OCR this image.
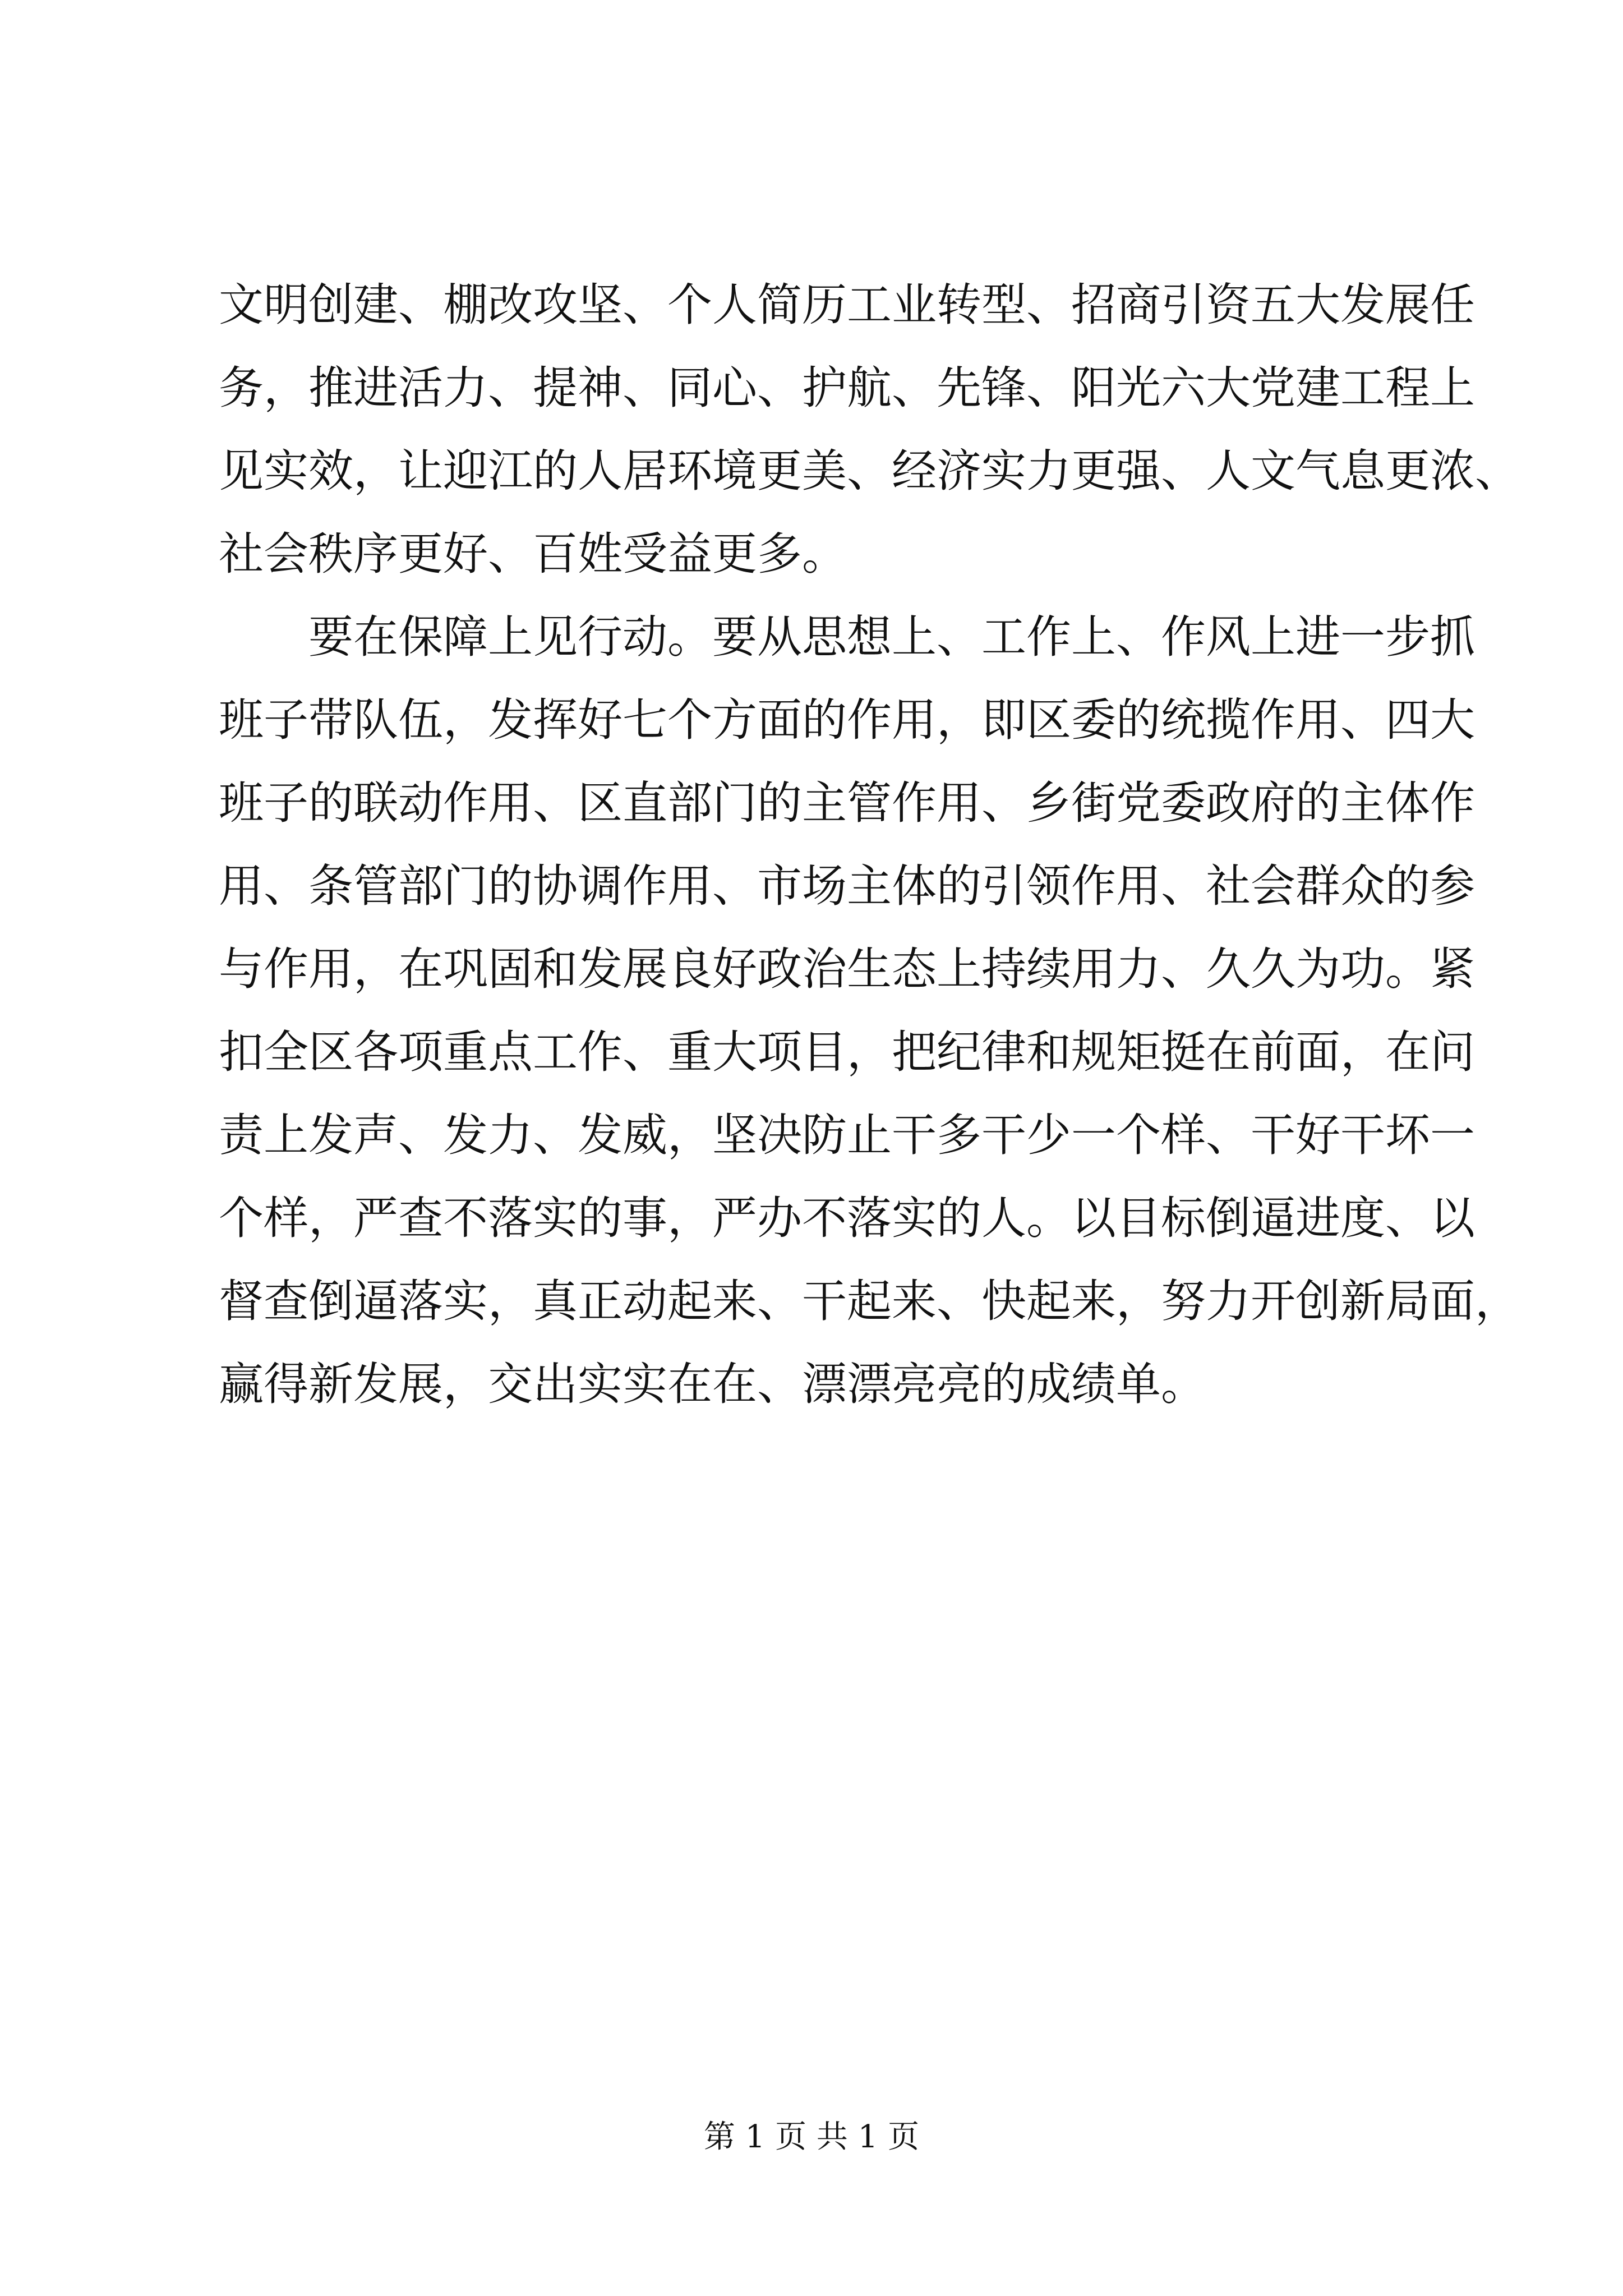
文明创建、棚改攻坚、个人简历工业转型、招商引资五大发展任
务，推进活力、提神、同心、护航、先锋、阳光六大党建工程上
见实效，让迎江的人居环境更美、经济实力更强、人文气息更浓、
社会秩序更好、百姓受益更多。
　　要在保障上见行动。要从思想上、工作上、作风上进一步抓
班子带队伍，发挥好七个方面的作用，即区委的统揽作用、四大
班子的联动作用、区直部门的主管作用、乡街党委政府的主体作
用、条管部门的协调作用、市场主体的引领作用、社会群众的参
与作用，在巩固和发展良好政治生态上持续用力、久久为功。紧
扣全区各项重点工作、重大项目，把纪律和规矩挺在前面，在问
责上发声、发力、发威，坚决防止干多干少一个样、干好干坏一
个样，严查不落实的事，严办不落实的人。以目标倒逼进度、以
督查倒逼落实，真正动起来、干起来、快起来，努力开创新局面，
赢得新发展，交出实实在在、漂漂亮亮的成绩单。
第 1 页 共 1 页
